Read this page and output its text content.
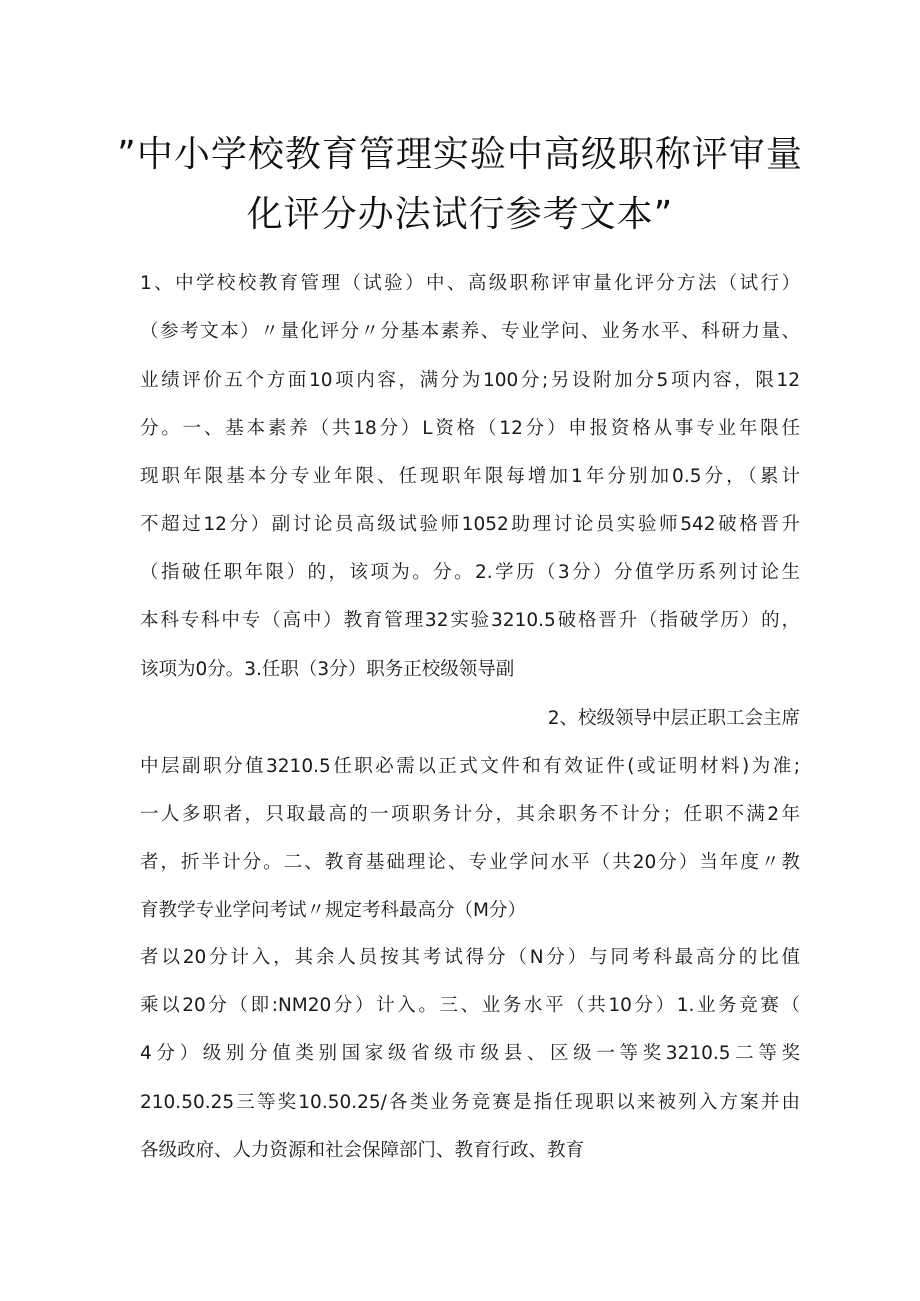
”中小学校教育管理实验中高级职称评审量
化评分办法试行参考文本”
1、中学校校教育管理（试验）中、高级职称评审量化评分方法（试行）
（参考文本）〃量化评分〃分基本素养、专业学问、业务水平、科研力量、
业绩评价五个方面10项内容，满分为100分;另设附加分5项内容，限12
分。一、基本素养（共18分）L资格（12分）申报资格从事专业年限任
现职年限基本分专业年限、任现职年限每增加1年分别加0.5分，（累计
不超过12分）副讨论员高级试验师1052助理讨论员实验师542破格晋升
（指破任职年限）的，该项为。分。2.学历（3分）分值学历系列讨论生
本科专科中专（高中）教育管理32实验3210.5破格晋升（指破学历）的，
该项为0分。3.任职（3分）职务正校级领导副
2、校级领导中层正职工会主席
中层副职分值3210.5任职必需以正式文件和有效证件(或证明材料)为准;
一人多职者，只取最高的一项职务计分，其余职务不计分；任职不满2年
者，折半计分。二、教育基础理论、专业学问水平（共20分）当年度〃教
育教学专业学问考试〃规定考科最高分（M分）
者以20分计入，其余人员按其考试得分（N分）与同考科最高分的比值
乘以20分（即:NM20分）计入。三、业务水平（共10分）1.业务竞赛（
4分）级别分值类别国家级省级市级县、区级一等奖3210.5二等奖
210.50.25三等奖10.50.25/各类业务竞赛是指任现职以来被列入方案并由
各级政府、人力资源和社会保障部门、教育行政、教育
